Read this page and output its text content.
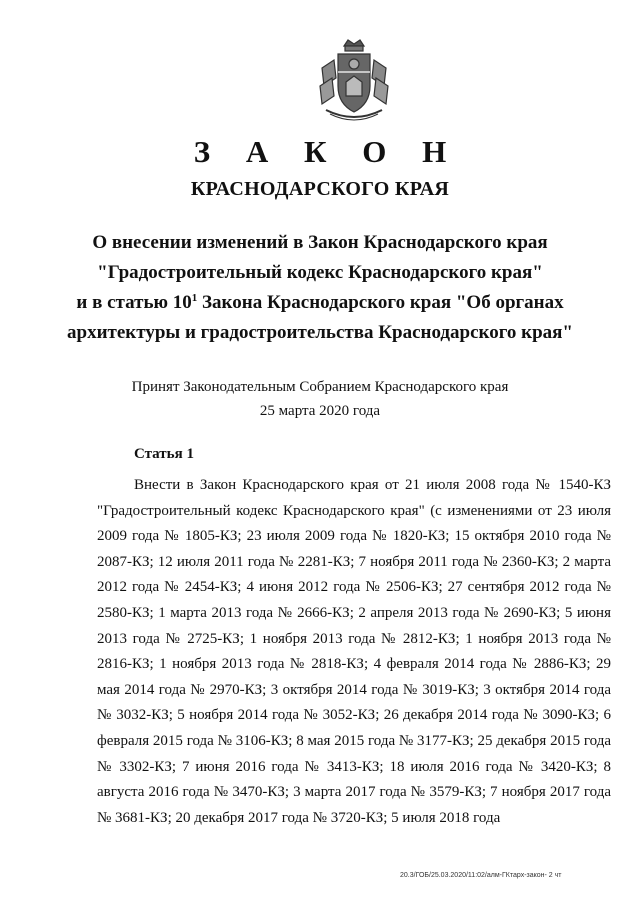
З А К О Н
КРАСНОДАРСКОГО КРАЯ
О внесении изменений в Закон Краснодарского края
"Градостроительный кодекс Краснодарского края"
и в статью $10^1$ Закона Краснодарского края "Об органах
архитектуры и градостроительства Краснодарского края"
Принят Законодательным Собранием Краснодарского края
25 марта 2020 года
Статья 1
Внести в Закон Краснодарского края от 21 июля 2008 года № 1540-КЗ "Градостроительный кодекс Краснодарского края" (с изменениями от 23 июля 2009 года № 1805-КЗ; 23 июля 2009 года № 1820-КЗ; 15 октября 2010 года № 2087-КЗ; 12 июля 2011 года № 2281-КЗ; 7 ноября 2011 года № 2360-КЗ; 2 марта 2012 года № 2454-КЗ; 4 июня 2012 года № 2506-КЗ; 27 сентября 2012 года № 2580-КЗ; 1 марта 2013 года № 2666-КЗ; 2 апреля 2013 года № 2690-КЗ; 5 июня 2013 года № 2725-КЗ; 1 ноября 2013 года № 2812-КЗ; 1 ноября 2013 года № 2816-КЗ; 1 ноября 2013 года № 2818-КЗ; 4 февраля 2014 года № 2886-КЗ; 29 мая 2014 года № 2970-КЗ; 3 октября 2014 года № 3019-КЗ; 3 октября 2014 года № 3032-КЗ; 5 ноября 2014 года № 3052-КЗ; 26 декабря 2014 года № 3090-КЗ; 6 февраля 2015 года № 3106-КЗ; 8 мая 2015 года № 3177-КЗ; 25 декабря 2015 года № 3302-КЗ; 7 июня 2016 года № 3413-КЗ; 18 июля 2016 года № 3420-КЗ; 8 августа 2016 года № 3470-КЗ; 3 марта 2017 года № 3579-КЗ; 7 ноября 2017 года № 3681-КЗ; 20 декабря 2017 года № 3720-КЗ; 5 июля 2018 года
20.3/ГОБ/25.03.2020/11:02/алм-ГКтарх-закон- 2 чт
